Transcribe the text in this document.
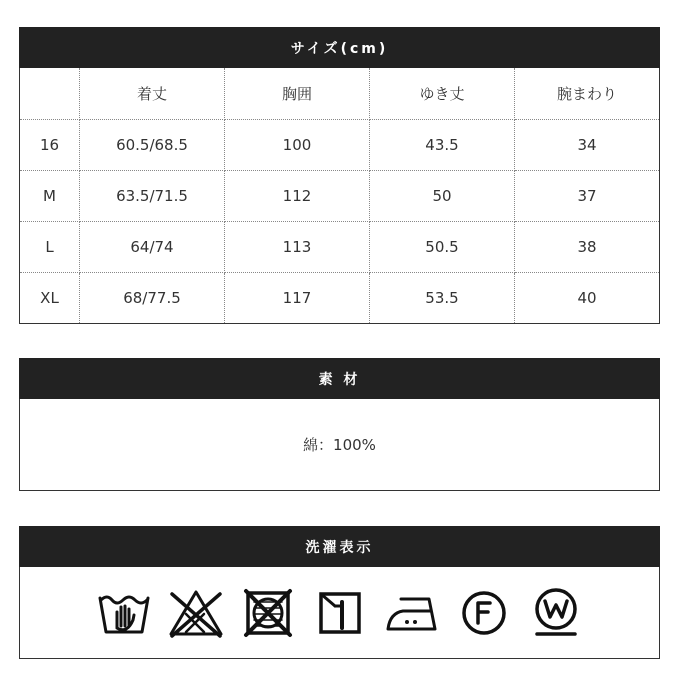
サイズ(cm)
	着丈	胸囲	ゆき丈	腕まわり
16	60.5/68.5	100	43.5	34
M	63.5/71.5	112	50	37
L	64/74	113	50.5	38
XL	68/77.5	117	53.5	40
素 材
綿：100%
洗濯表示
